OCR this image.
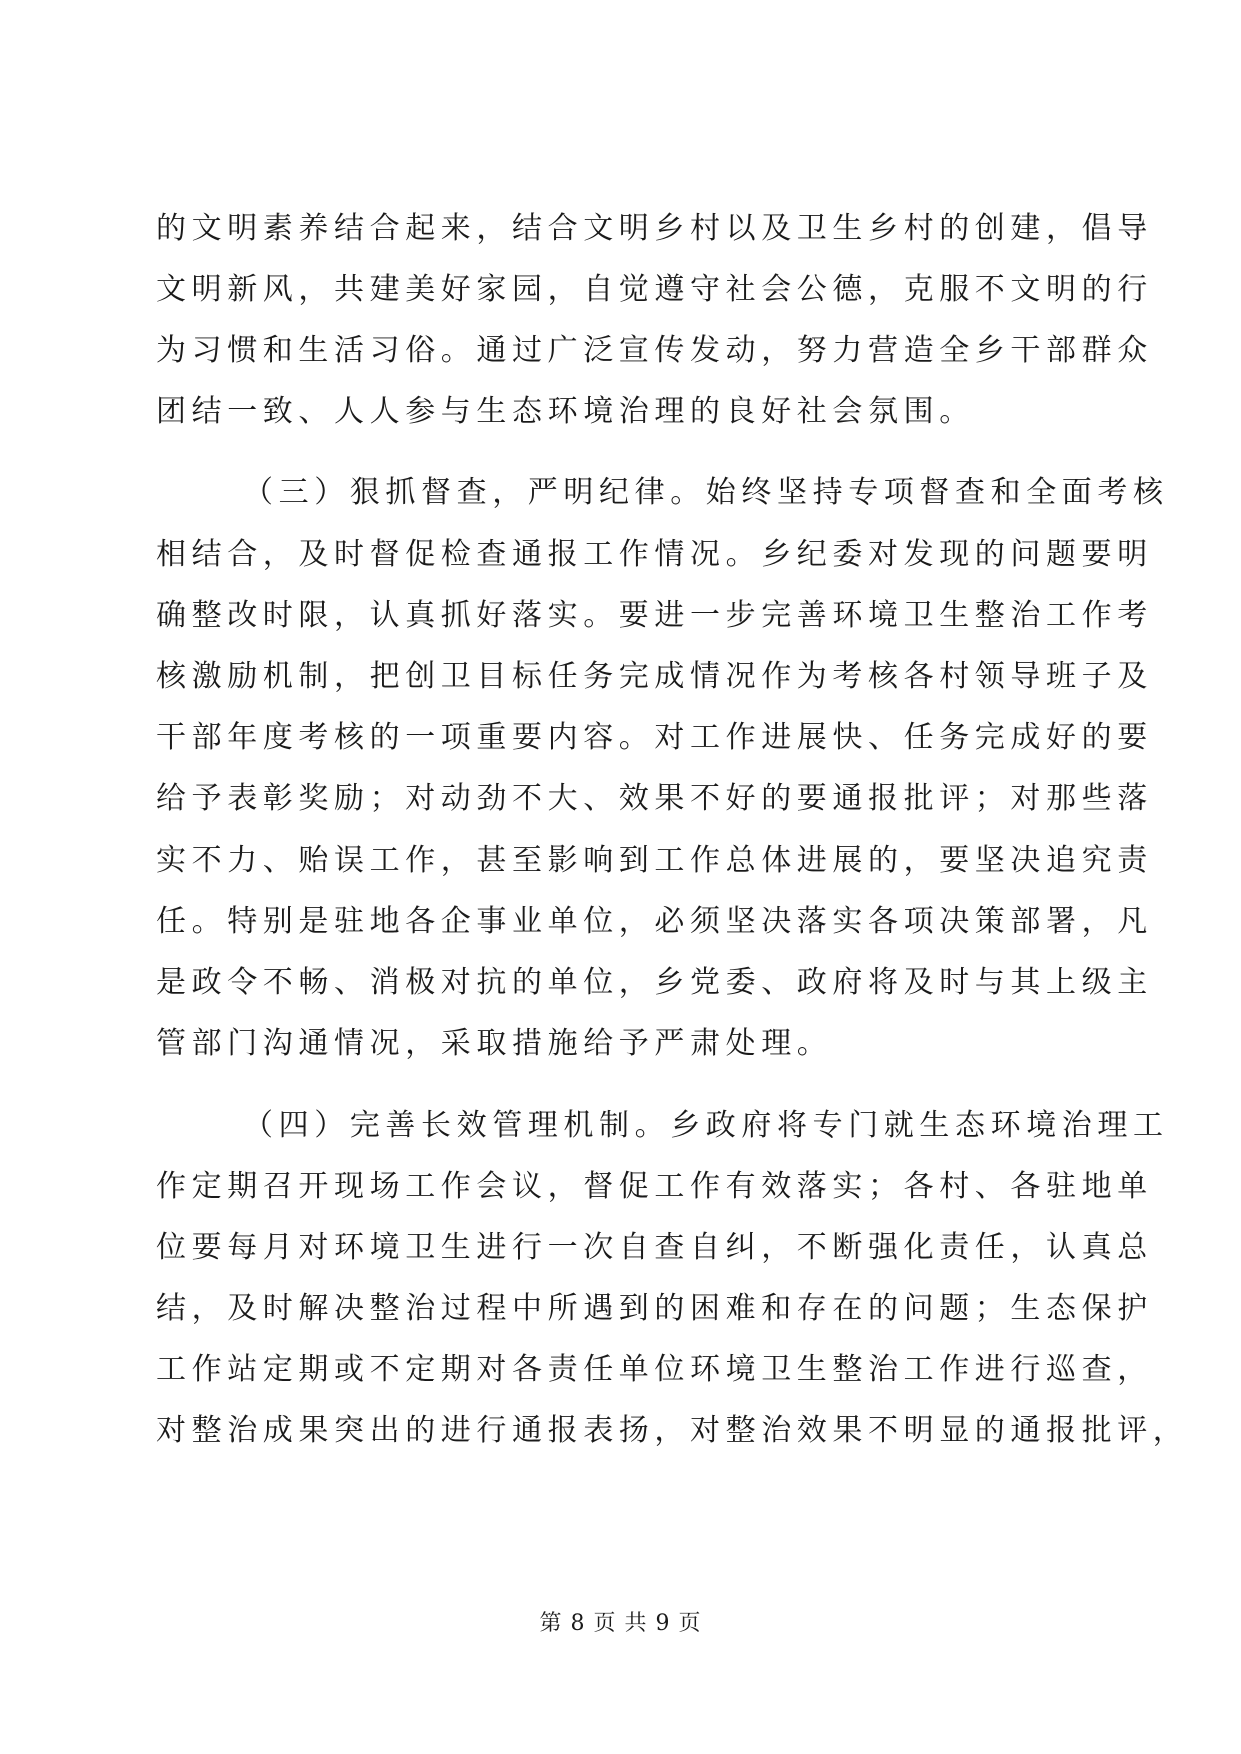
的文明素养结合起来，结合文明乡村以及卫生乡村的创建，倡导
文明新风，共建美好家园，自觉遵守社会公德，克服不文明的行
为习惯和生活习俗。通过广泛宣传发动，努力营造全乡干部群众
团结一致、人人参与生态环境治理的良好社会氛围。
（三）狠抓督查，严明纪律。始终坚持专项督查和全面考核
相结合，及时督促检查通报工作情况。乡纪委对发现的问题要明
确整改时限，认真抓好落实。要进一步完善环境卫生整治工作考
核激励机制，把创卫目标任务完成情况作为考核各村领导班子及
干部年度考核的一项重要内容。对工作进展快、任务完成好的要
给予表彰奖励；对动劲不大、效果不好的要通报批评；对那些落
实不力、贻误工作，甚至影响到工作总体进展的，要坚决追究责
任。特别是驻地各企事业单位，必须坚决落实各项决策部署，凡
是政令不畅、消极对抗的单位，乡党委、政府将及时与其上级主
管部门沟通情况，采取措施给予严肃处理。
（四）完善长效管理机制。乡政府将专门就生态环境治理工
作定期召开现场工作会议，督促工作有效落实；各村、各驻地单
位要每月对环境卫生进行一次自查自纠，不断强化责任，认真总
结，及时解决整治过程中所遇到的困难和存在的问题；生态保护
工作站定期或不定期对各责任单位环境卫生整治工作进行巡查，
对整治成果突出的进行通报表扬，对整治效果不明显的通报批评，
第 8 页 共 9 页
